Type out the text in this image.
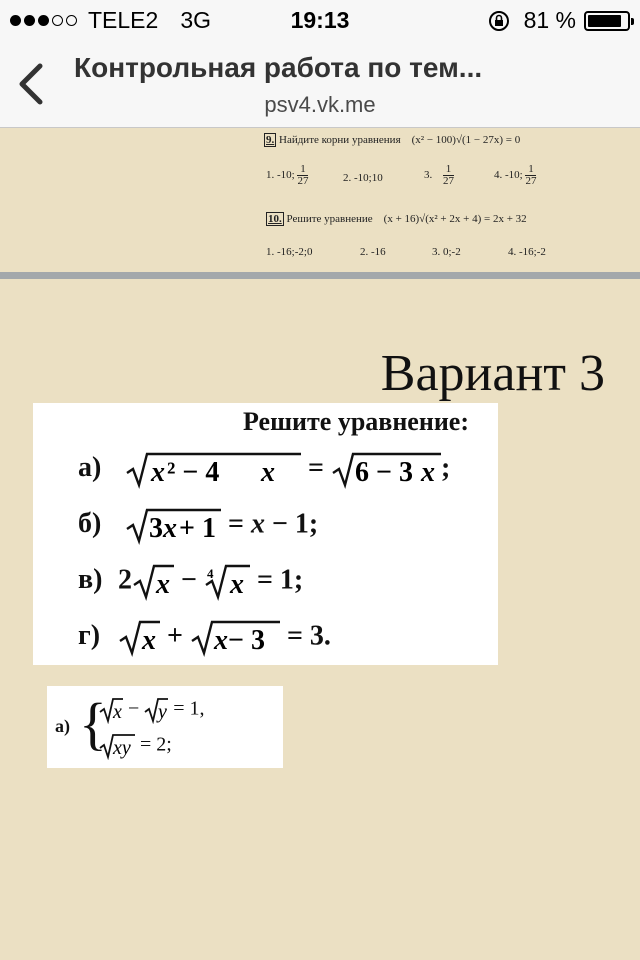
TELE2 3G	19:13	81 %
Контрольная работа по тем...
psv4.vk.me
9. Найдите корни уравнения (x² − 100)√(1 − 27x) = 0
1. -10; $\frac{1}{27}$	2. -10;10	3. $\frac{1}{27}$	4. -10; $\frac{1}{27}$
10. Решите уравнение (x + 16)√(x² + 2x + 4) = 2x + 32
1. -16;-2;0	2. -16	3. 0;-2	4. -16;-2
Вариант 3
Решите уравнение:
а) x ² − 4 x = 6 − 3 x ;
б) 3 x + 1 = x − 1;
в) 2 x − 4 x = 1;
г) x + x − 3 = 3.
а) { x − y = 1,
xy = 2;
